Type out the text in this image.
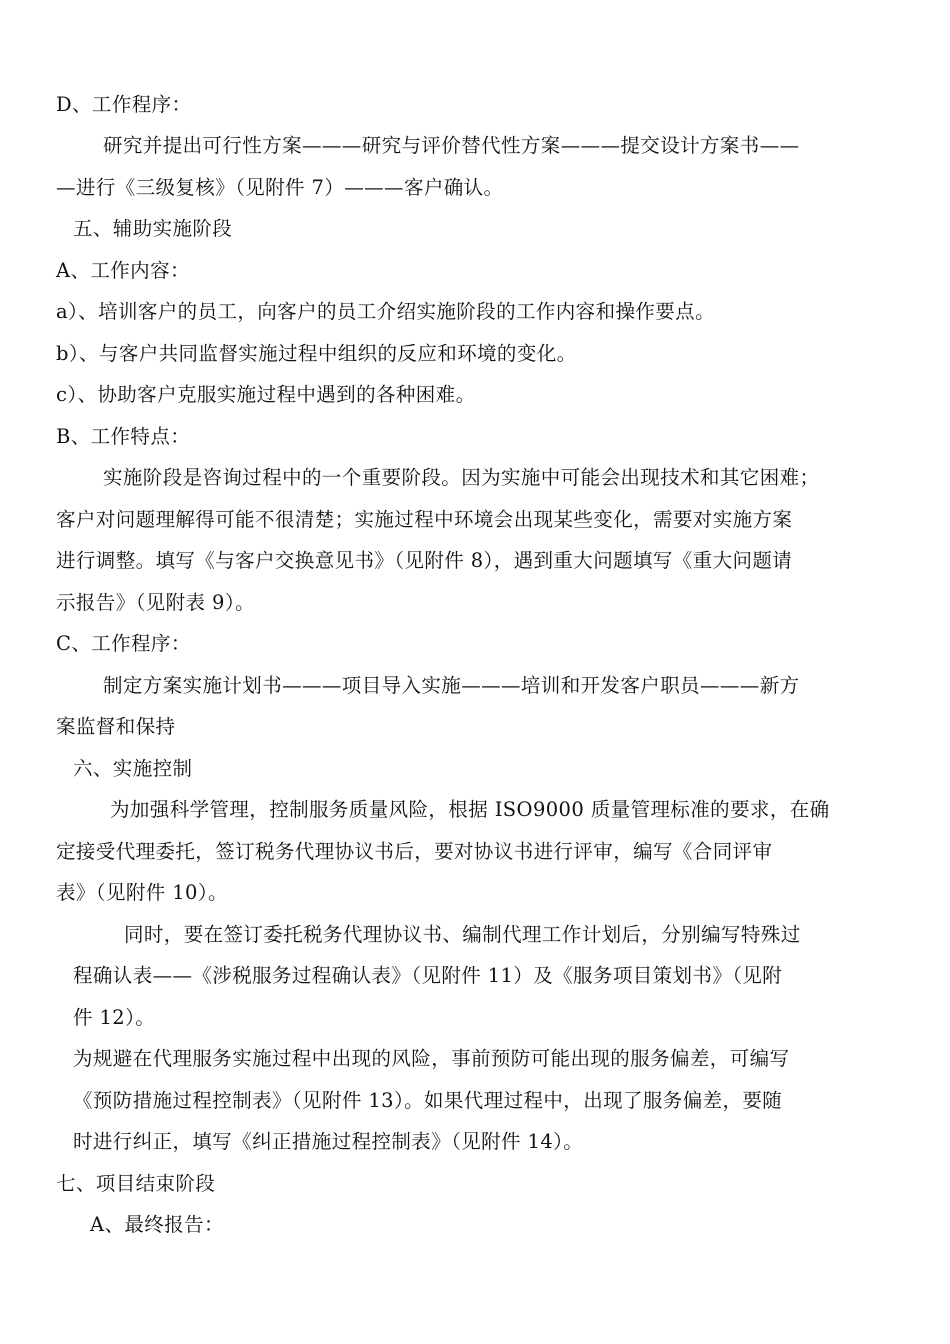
D、工作程序：
研究并提出可行性方案———研究与评价替代性方案———提交设计方案书——
—进行《三级复核》（见附件 7）———客户确认。
五、辅助实施阶段
A、工作内容：
a）、培训客户的员工，向客户的员工介绍实施阶段的工作内容和操作要点。
b）、与客户共同监督实施过程中组织的反应和环境的变化。
c）、协助客户克服实施过程中遇到的各种困难。
B、工作特点：
实施阶段是咨询过程中的一个重要阶段。因为实施中可能会出现技术和其它困难；
客户对问题理解得可能不很清楚；实施过程中环境会出现某些变化，需要对实施方案
进行调整。填写《与客户交换意见书》（见附件 8），遇到重大问题填写《重大问题请
示报告》（见附表 9）。
C、工作程序：
制定方案实施计划书———项目导入实施———培训和开发客户职员———新方
案监督和保持
六、实施控制
为加强科学管理，控制服务质量风险，根据 ISO9000 质量管理标准的要求，在确
定接受代理委托，签订税务代理协议书后，要对协议书进行评审，编写《合同评审
表》（见附件 10）。
同时，要在签订委托税务代理协议书、编制代理工作计划后，分别编写特殊过
程确认表——《涉税服务过程确认表》（见附件 11）及《服务项目策划书》（见附
件 12）。
为规避在代理服务实施过程中出现的风险，事前预防可能出现的服务偏差，可编写
《预防措施过程控制表》（见附件 13）。如果代理过程中，出现了服务偏差，要随
时进行纠正，填写《纠正措施过程控制表》（见附件 14）。
七、项目结束阶段
A、最终报告：
